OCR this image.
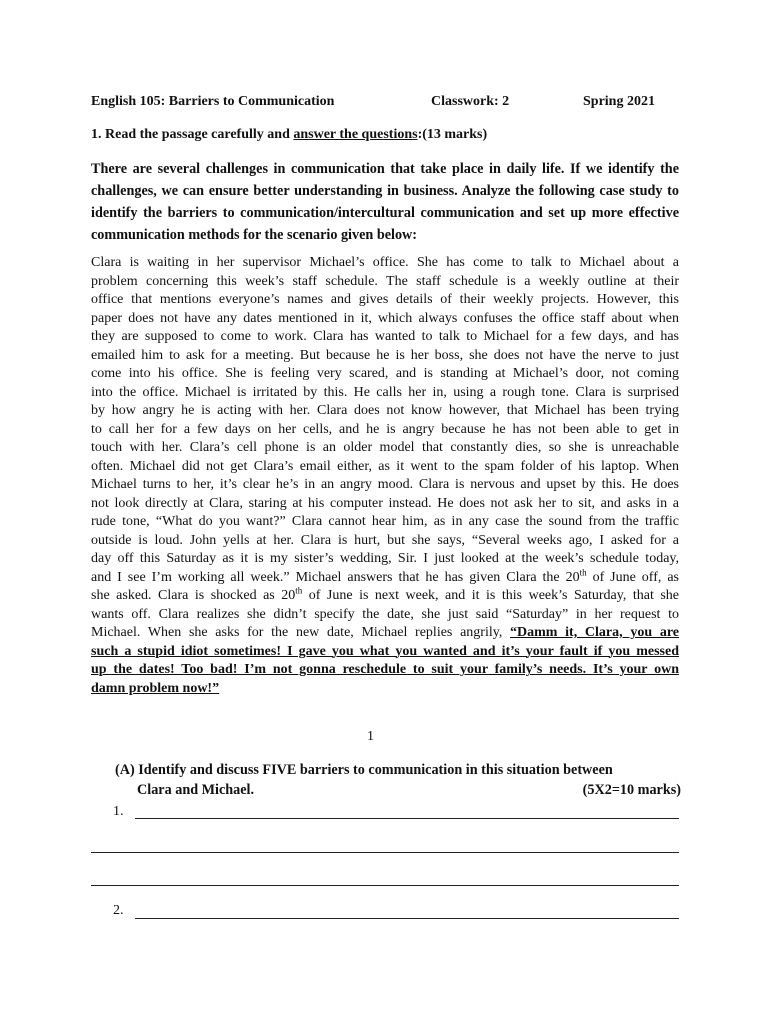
English 105: Barriers to Communication	Classwork: 2	Spring 2021
1. Read the passage carefully and answer the questions:(13 marks)

There are several challenges in communication that take place in daily life. If we identify the challenges, we can ensure better understanding in business. Analyze the following case study to identify the barriers to communication/intercultural communication and set up more effective communication methods for the scenario given below:

Clara is waiting in her supervisor Michael’s office. She has come to talk to Michael about a
problem concerning this week’s staff schedule. The staff schedule is a weekly outline at their
office that mentions everyone’s names and gives details of their weekly projects. However, this
paper does not have any dates mentioned in it, which always confuses the office staff about when
they are supposed to come to work. Clara has wanted to talk to Michael for a few days, and has
emailed him to ask for a meeting. But because he is her boss, she does not have the nerve to just
come into his office. She is feeling very scared, and is standing at Michael’s door, not coming
into the office. Michael is irritated by this. He calls her in, using a rough tone. Clara is surprised
by how angry he is acting with her. Clara does not know however, that Michael has been trying
to call her for a few days on her cells, and he is angry because he has not been able to get in
touch with her. Clara’s cell phone is an older model that constantly dies, so she is unreachable
often. Michael did not get Clara’s email either, as it went to the spam folder of his laptop. When
Michael turns to her, it’s clear he’s in an angry mood. Clara is nervous and upset by this. He does
not look directly at Clara, staring at his computer instead. He does not ask her to sit, and asks in a
rude tone, “What do you want?” Clara cannot hear him, as in any case the sound from the traffic
outside is loud. John yells at her. Clara is hurt, but she says, “Several weeks ago, I asked for a
day off this Saturday as it is my sister’s wedding, Sir. I just looked at the week’s schedule today,
and I see I’m working all week.” Michael answers that he has given Clara the 20th of June off, as
she asked. Clara is shocked as 20th of June is next week, and it is this week’s Saturday, that she
wants off. Clara realizes she didn’t specify the date, she just said “Saturday” in her request to
Michael. When she asks for the new date, Michael replies angrily, “Damm it, Clara, you are
such a stupid idiot sometimes! I gave you what you wanted and it’s your fault if you messed
up the dates! Too bad! I’m not gonna reschedule to suit your family’s needs. It’s your own
damn problem now!”
1
(A) Identify and discuss FIVE barriers to communication in this situation between
Clara and Michael.	(5X2=10 marks)
1.
2.
